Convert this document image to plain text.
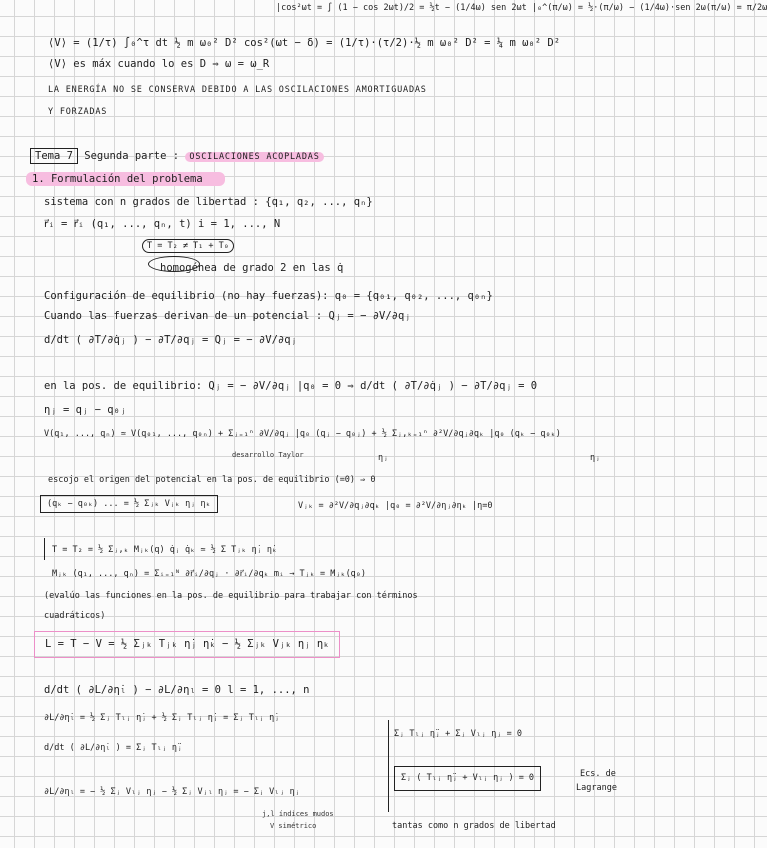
|cos²ωt = ∫ (1 − cos 2ωt)/2 = ½t − (1/4ω) sen 2ωt |₀^(π/ω) = ½·(π/ω) − (1/4ω)·sen 2ω(π/ω) = π/2ω
⟨V⟩ = (1/τ) ∫₀^τ dt ½ m ω₀² D² cos²(ωt − δ) = (1/τ)·(τ/2)·½ m ω₀² D² = ¼ m ω₀² D²
⟨V⟩ es máx cuando lo es D ⇒ ω = ω_R
LA ENERGÍA NO SE CONSERVA DEBIDO A LAS OSCILACIONES AMORTIGUADAS
Y FORZADAS
Tema 7 Segunda parte : OSCILACIONES ACOPLADAS
1. Formulación del problema
sistema con n grados de libertad : {q₁, q₂, ..., qₙ}
r⃗ᵢ = r⃗ᵢ (q₁, ..., qₙ, t) i = 1, ..., N
T = T₂ ≠ T₁ + T₀
homogénea de grado 2 en las q̇
Configuración de equilibrio (no hay fuerzas): q₀ = {q₀₁, q₀₂, ..., q₀ₙ}
Cuando las fuerzas derivan de un potencial : Qⱼ = − ∂V/∂qⱼ
d/dt ( ∂T/∂q̇ⱼ ) − ∂T/∂qⱼ = Qⱼ = − ∂V/∂qⱼ
en la pos. de equilibrio: Qⱼ = − ∂V/∂qⱼ |q₀ = 0 ⇒ d/dt ( ∂T/∂q̇ⱼ ) − ∂T/∂qⱼ = 0
ηⱼ = qⱼ − q₀ⱼ
V(q₁, ..., qₙ) ≃ V(q₀₁, ..., q₀ₙ) + Σⱼ₌₁ⁿ ∂V/∂qⱼ |q₀ (qⱼ − q₀ⱼ) + ½ Σⱼ,ₖ₌₁ⁿ ∂²V/∂qⱼ∂qₖ |q₀ (qₖ − q₀ₖ)
desarrollo Taylor	ηⱼ	ηⱼ
escojo el origen del potencial en la pos. de equilibrio (=0) ⇒ 0
(qₖ − q₀ₖ) ... = ½ Σⱼₖ Vⱼₖ ηⱼ ηₖ	Vⱼₖ = ∂²V/∂qⱼ∂qₖ |q₀ = ∂²V/∂ηⱼ∂ηₖ |η=0
T = T₂ = ½ Σⱼ,ₖ Mⱼₖ(q) q̇ⱼ q̇ₖ ≃ ½ Σ Tⱼₖ η̇ⱼ η̇ₖ
Mⱼₖ (q₁, ..., qₙ) = Σᵢ₌₁ᴺ ∂r⃗ᵢ/∂qⱼ · ∂r⃗ᵢ/∂qₖ mᵢ → Tⱼₖ = Mⱼₖ(q₀)
(evalúo las funciones en la pos. de equilibrio para trabajar con términos
cuadráticos)
L = T − V = ½ Σⱼₖ Tⱼₖ η̇ⱼ η̇ₖ − ½ Σⱼₖ Vⱼₖ ηⱼ ηₖ
d/dt ( ∂L/∂η̇ₗ ) − ∂L/∂ηₗ = 0 l = 1, ..., n
∂L/∂η̇ₗ = ½ Σⱼ Tₗⱼ η̇ⱼ + ½ Σⱼ Tₗⱼ η̇ⱼ = Σⱼ Tₗⱼ η̇ⱼ
d/dt ( ∂L/∂η̇ₗ ) = Σⱼ Tₗⱼ η̈ⱼ
∂L/∂ηₗ = − ½ Σⱼ Vₗⱼ ηⱼ − ½ Σⱼ Vⱼₗ ηⱼ = − Σⱼ Vₗⱼ ηⱼ
j,l índices mudos
V simétrico
Σⱼ Tₗⱼ η̈ⱼ + Σⱼ Vₗⱼ ηⱼ = 0
Σⱼ ( Tₗⱼ η̈ⱼ + Vₗⱼ ηⱼ ) = 0	Ecs. de
Lagrange
tantas como n grados de libertad
